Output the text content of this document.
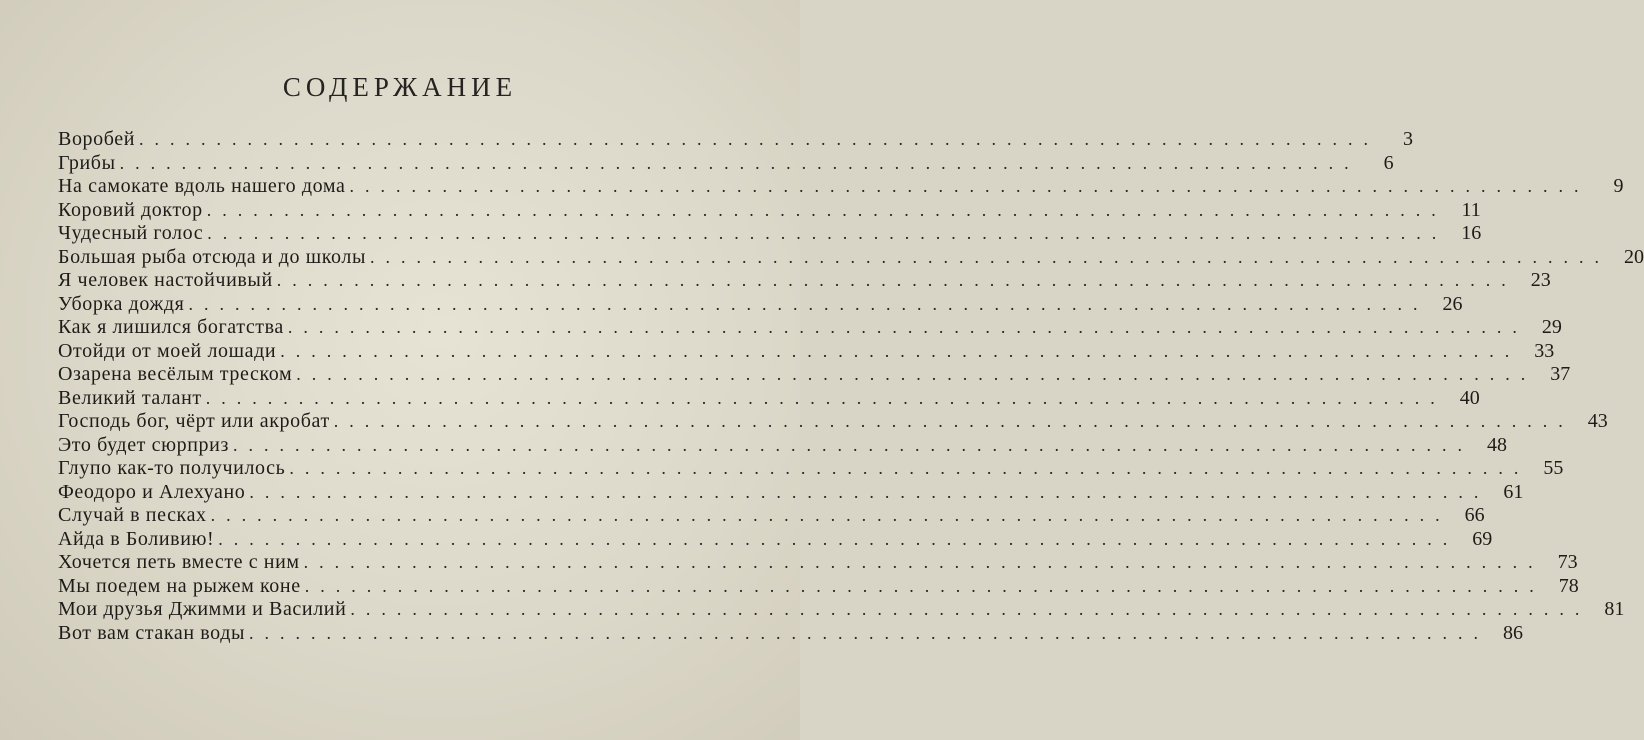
СОДЕРЖАНИЕ
Воробей ................................................................................	3
Грибы ................................................................................	6
На самокате вдоль нашего дома ................................................................................	9
Коровий доктор ................................................................................ 11
Чудесный голос ................................................................................ 16
Большая рыба отсюда и до школы ................................................................................ 20
Я человек настойчивый ................................................................................ 23
Уборка дождя ................................................................................ 26
Как я лишился богатства ................................................................................ 29
Отойди от моей лошади ................................................................................ 33
Озарена весёлым треском ................................................................................ 37
Великий талант ................................................................................ 40
Господь бог, чёрт или акробат ................................................................................ 43
Это будет сюрприз ................................................................................ 48
Глупо как-то получилось ................................................................................ 55
Феодоро и Алехуано ................................................................................ 61
Случай в песках ................................................................................ 66
Айда в Боливию! ................................................................................ 69
Хочется петь вместе с ним ................................................................................ 73
Мы поедем на рыжем коне ................................................................................ 78
Мои друзья Джимми и Василий ................................................................................ 81
Вот вам стакан воды ................................................................................ 86
